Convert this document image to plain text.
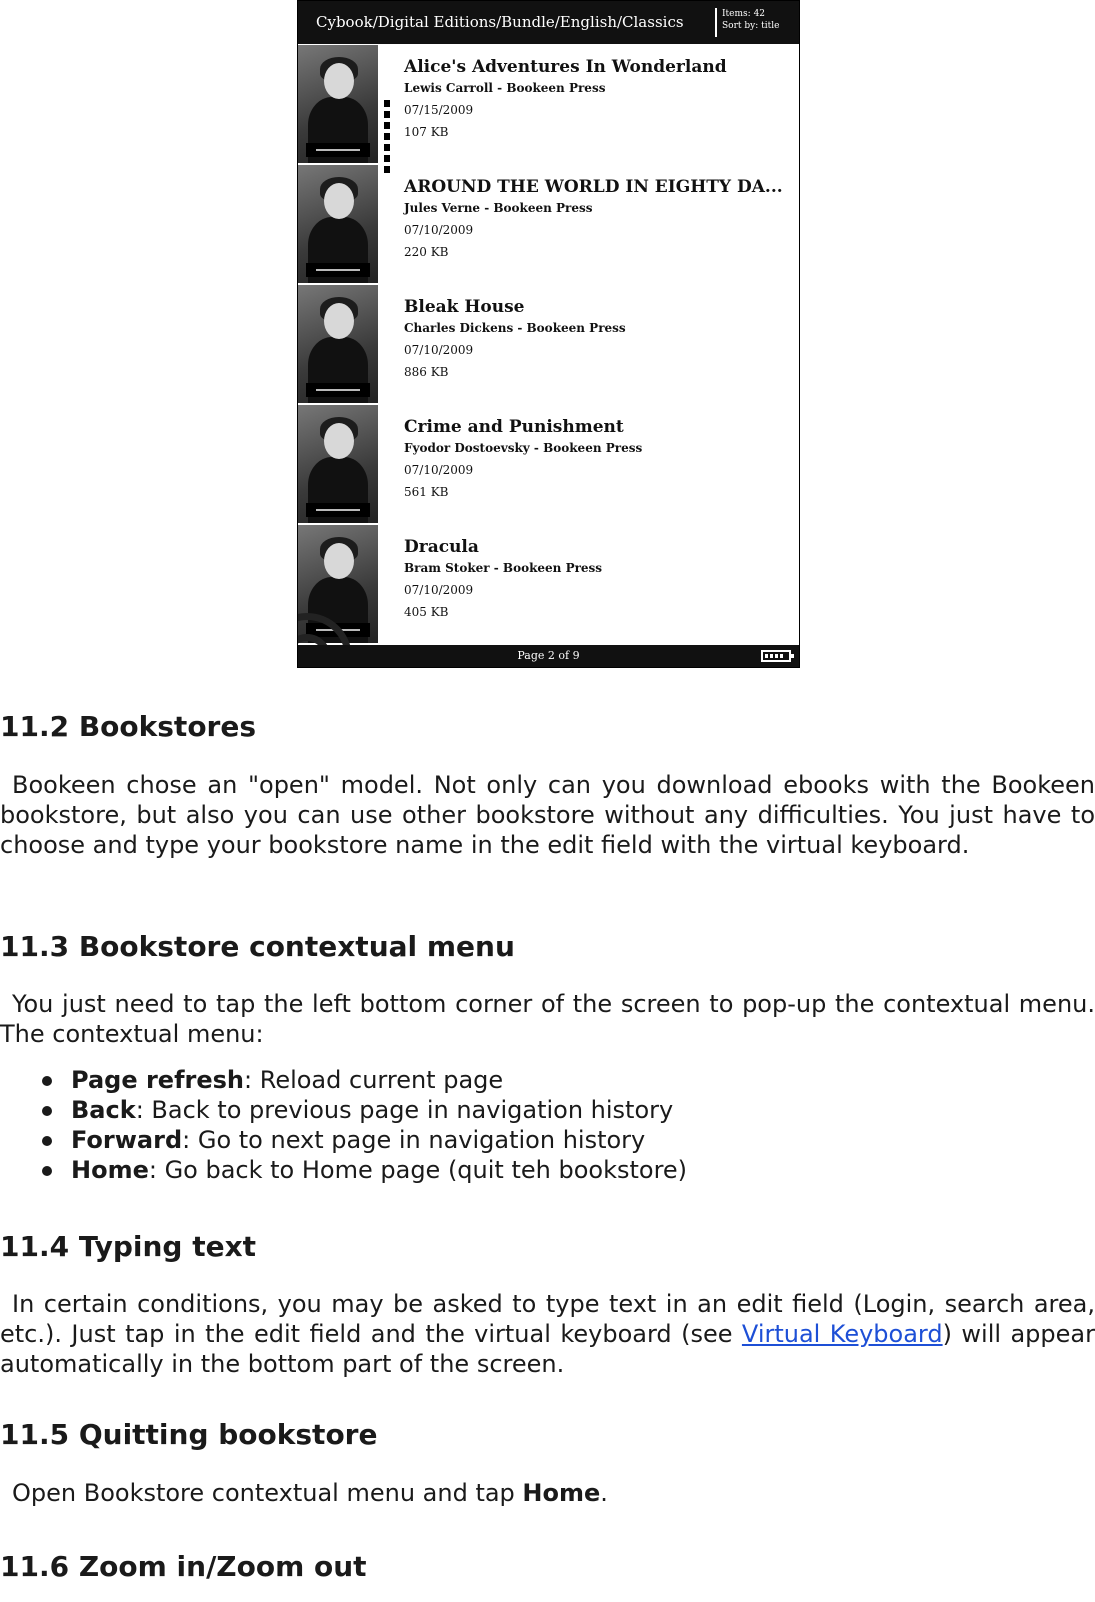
Cybook/Digital Editions/Bundle/English/Classics	Items: 42
Sort by: title
Alice's Adventures In Wonderland
Lewis Carroll - Bookeen Press
07/15/2009
107 KB
AROUND THE WORLD IN EIGHTY DA...
Jules Verne - Bookeen Press
07/10/2009
220 KB
Bleak House
Charles Dickens - Bookeen Press
07/10/2009
886 KB
Crime and Punishment
Fyodor Dostoevsky - Bookeen Press
07/10/2009
561 KB
Dracula
Bram Stoker - Bookeen Press
07/10/2009
405 KB
Page 2 of 9
11.2 Bookstores

Bookeen chose an "open" model. Not only can you download ebooks with the Bookeen bookstore, but also you can use other bookstore without any difficulties. You just have to choose and type your bookstore name in the edit field with the virtual keyboard.

11.3 Bookstore contextual menu

You just need to tap the left bottom corner of the screen to pop-up the contextual menu. The contextual menu:

Page refresh: Reload current page
Back: Back to previous page in navigation history
Forward: Go to next page in navigation history
Home: Go back to Home page (quit teh bookstore)
11.4 Typing text

In certain conditions, you may be asked to type text in an edit field (Login, search area, etc.). Just tap in the edit field and the virtual keyboard (see Virtual Keyboard) will appear automatically in the bottom part of the screen.

11.5 Quitting bookstore

Open Bookstore contextual menu and tap Home.

11.6 Zoom in/Zoom out
